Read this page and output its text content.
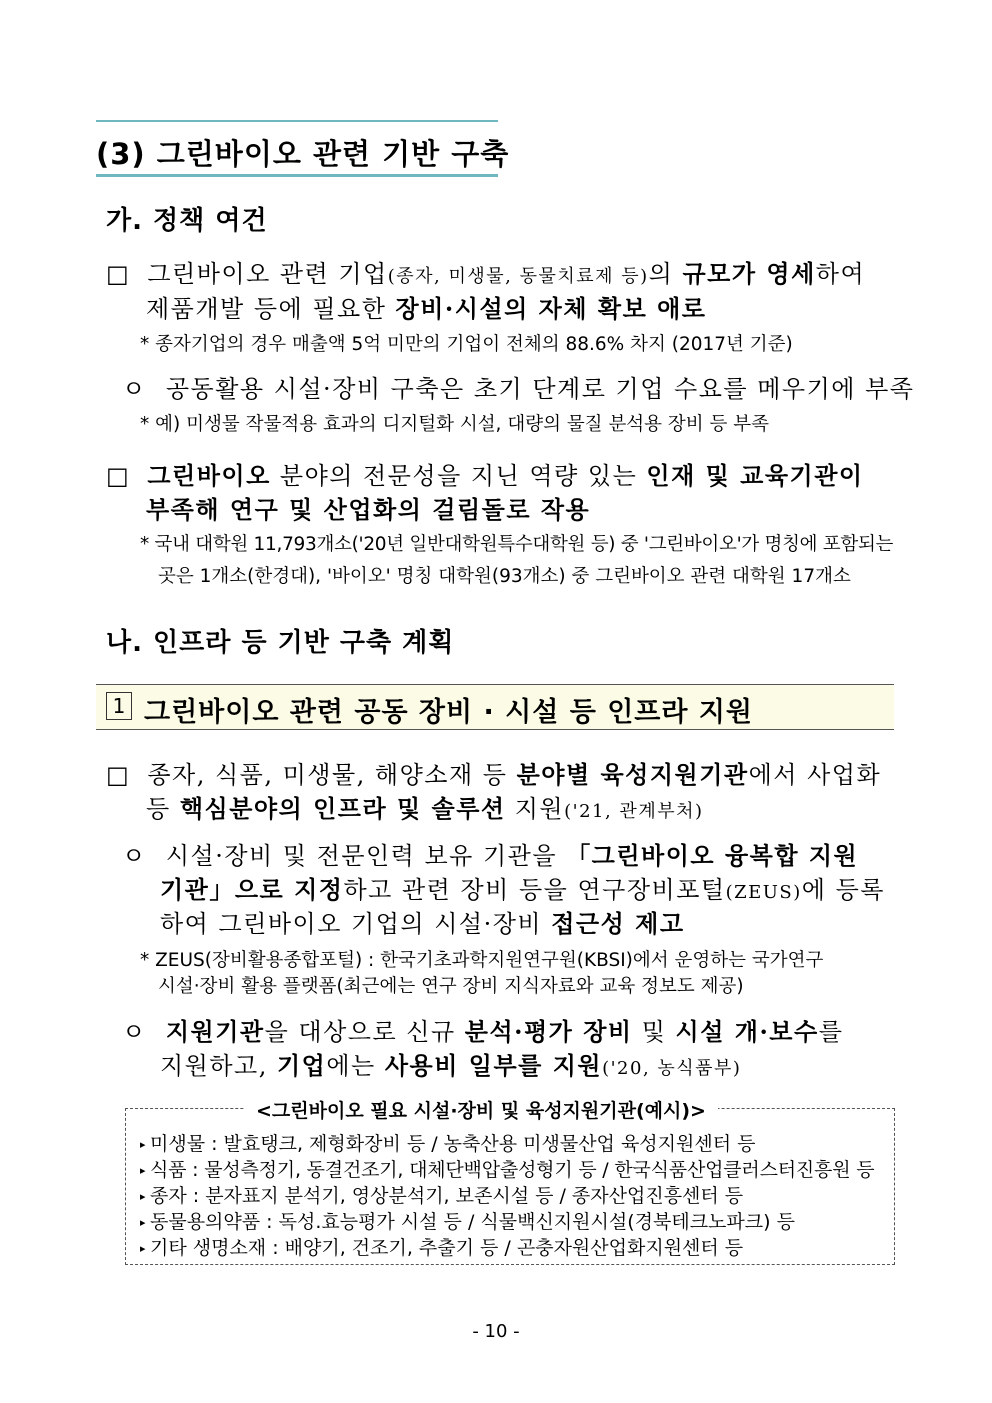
(3) 그린바이오 관련 기반 구축
가. 정책 여건
□ 그린바이오 관련 기업(종자, 미생물, 동물치료제 등)의 규모가 영세하여
제품개발 등에 필요한 장비·시설의 자체 확보 애로
* 종자기업의 경우 매출액 5억 미만의 기업이 전체의 88.6% 차지 (2017년 기준)
ㅇ 공동활용 시설·장비 구축은 초기 단계로 기업 수요를 메우기에 부족
* 예) 미생물 작물적용 효과의 디지털화 시설, 대량의 물질 분석용 장비 등 부족
□ 그린바이오 분야의 전문성을 지닌 역량 있는 인재 및 교육기관이
부족해 연구 및 산업화의 걸림돌로 작용
* 국내 대학원 11,793개소('20년 일반대학원특수대학원 등) 중 '그린바이오'가 명칭에 포함되는
곳은 1개소(한경대), '바이오' 명칭 대학원(93개소) 중 그린바이오 관련 대학원 17개소
나. 인프라 등 기반 구축 계획
1 그린바이오 관련 공동 장비 · 시설 등 인프라 지원
□ 종자, 식품, 미생물, 해양소재 등 분야별 육성지원기관에서 사업화
등 핵심분야의 인프라 및 솔루션 지원('21, 관계부처)
ㅇ 시설·장비 및 전문인력 보유 기관을 「그린바이오 융복합 지원
기관」으로 지정하고 관련 장비 등을 연구장비포털(ZEUS)에 등록
하여 그린바이오 기업의 시설·장비 접근성 제고
* ZEUS(장비활용종합포털) : 한국기초과학지원연구원(KBSI)에서 운영하는 국가연구
시설·장비 활용 플랫폼(최근에는 연구 장비 지식자료와 교육 정보도 제공)
ㅇ 지원기관을 대상으로 신규 분석·평가 장비 및 시설 개·보수를
지원하고, 기업에는 사용비 일부를 지원('20, 농식품부)
▸ 미생물 : 발효탱크, 제형화장비 등 / 농축산용 미생물산업 육성지원센터 등
▸ 식품 : 물성측정기, 동결건조기, 대체단백압출성형기 등 / 한국식품산업클러스터진흥원 등
▸ 종자 : 분자표지 분석기, 영상분석기, 보존시설 등 / 종자산업진흥센터 등
▸ 동물용의약품 : 독성.효능평가 시설 등 / 식물백신지원시설(경북테크노파크) 등
▸ 기타 생명소재 : 배양기, 건조기, 추출기 등 / 곤충자원산업화지원센터 등
<그린바이오 필요 시설·장비 및 육성지원기관(예시)>
- 10 -
